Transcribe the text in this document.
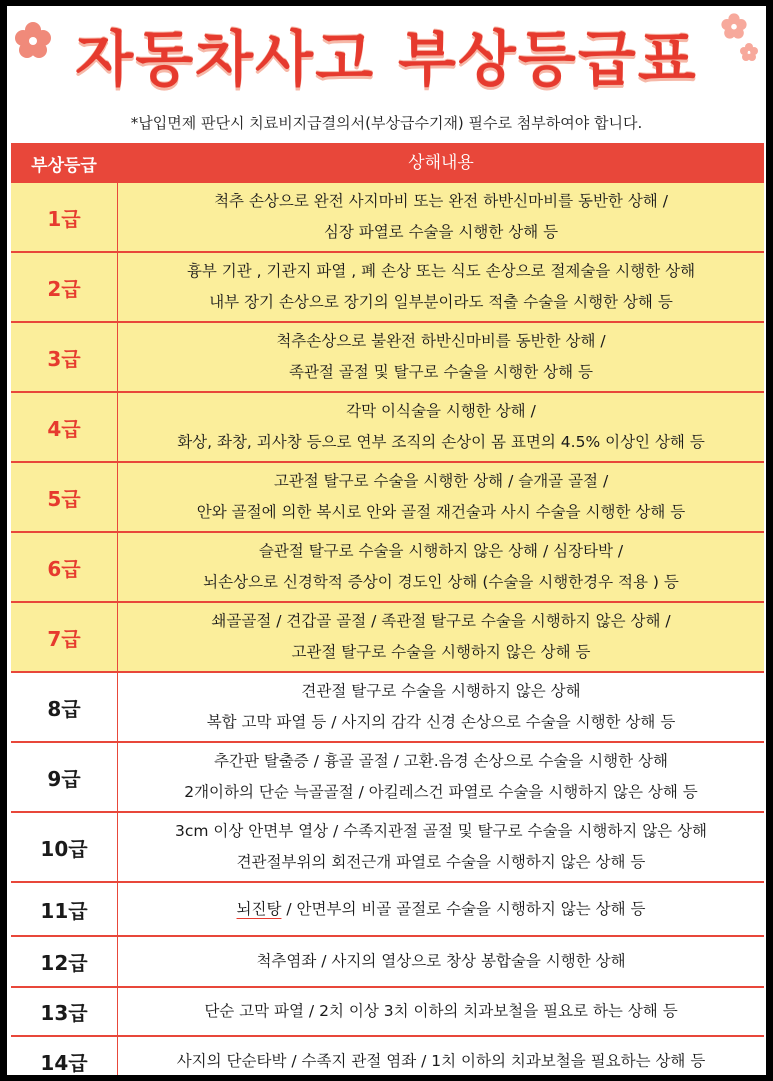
자동차사고 부상등급표
*납입면제 판단시 치료비지급결의서(부상급수기재) 필수로 첨부하여야 합니다.
부상등급	상해내용
1급
척추 손상으로 완전 사지마비 또는 완전 하반신마비를 동반한 상해 /
심장 파열로 수술을 시행한 상해 등
2급
흉부 기관 , 기관지 파열 , 폐 손상 또는 식도 손상으로 절제술을 시행한 상해
내부 장기 손상으로 장기의 일부분이라도 적출 수술을 시행한 상해 등
3급
척추손상으로 불완전 하반신마비를 동반한 상해 /
족관절 골절 및 탈구로 수술을 시행한 상해 등
4급
각막 이식술을 시행한 상해 /
화상, 좌창, 괴사창 등으로 연부 조직의 손상이 몸 표면의 4.5% 이상인 상해 등
5급
고관절 탈구로 수술을 시행한 상해 / 슬개골 골절 /
안와 골절에 의한 복시로 안와 골절 재건술과 사시 수술을 시행한 상해 등
6급
슬관절 탈구로 수술을 시행하지 않은 상해 / 심장타박 /
뇌손상으로 신경학적 증상이 경도인 상해 (수술을 시행한경우 적용 ) 등
7급
쇄골골절 / 견갑골 골절 / 족관절 탈구로 수술을 시행하지 않은 상해 /
고관절 탈구로 수술을 시행하지 않은 상해 등
8급
견관절 탈구로 수술을 시행하지 않은 상해
복합 고막 파열 등 / 사지의 감각 신경 손상으로 수술을 시행한 상해 등
9급
추간판 탈출증 / 흉골 골절 / 고환.음경 손상으로 수술을 시행한 상해
2개이하의 단순 늑골골절 / 아킬레스건 파열로 수술을 시행하지 않은 상해 등
10급
3cm 이상 안면부 열상 / 수족지관절 골절 및 탈구로 수술을 시행하지 않은 상해
견관절부위의 회전근개 파열로 수술을 시행하지 않은 상해 등
11급	뇌진탕 / 안면부의 비골 골절로 수술을 시행하지 않는 상해 등
12급	척추염좌 / 사지의 열상으로 창상 봉합술을 시행한 상해
13급	단순 고막 파열 / 2치 이상 3치 이하의 치과보철을 필요로 하는 상해 등
14급	사지의 단순타박 / 수족지 관절 염좌 / 1치 이하의 치과보철을 필요하는 상해 등
